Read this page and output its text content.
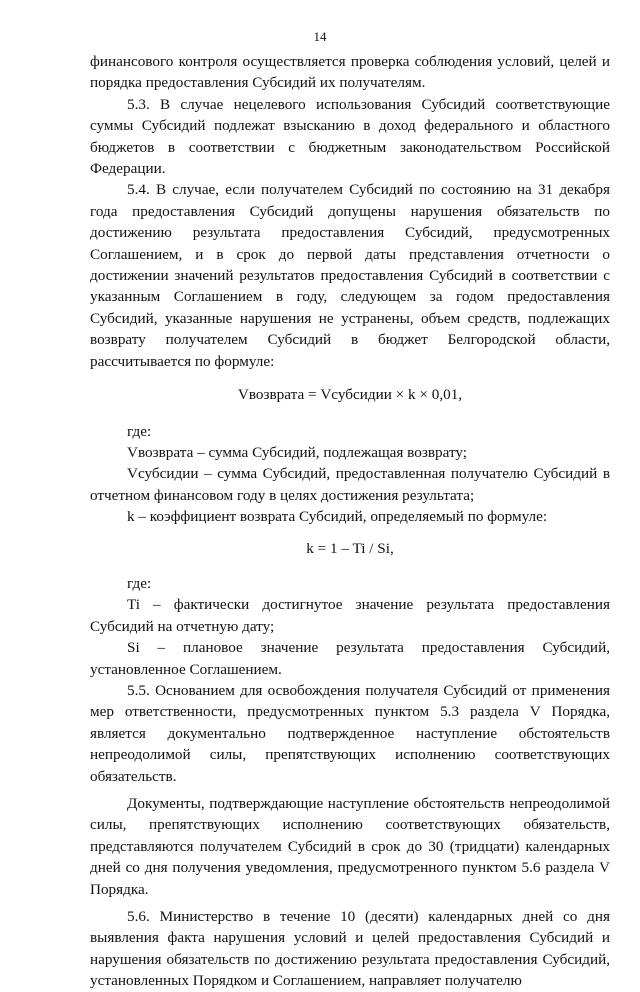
14

финансового контроля осуществляется проверка соблюдения условий, целей и порядка предоставления Субсидий их получателям.

5.3. В случае нецелевого использования Субсидий соответствующие суммы Субсидий подлежат взысканию в доход федерального и областного бюджетов в соответствии с бюджетным законодательством Российской Федерации.

5.4. В случае, если получателем Субсидий по состоянию на 31 декабря года предоставления Субсидий допущены нарушения обязательств по достижению результата предоставления Субсидий, предусмотренных Соглашением, и в срок до первой даты представления отчетности о достижении значений результатов предоставления Субсидий в соответствии с указанным Соглашением в году, следующем за годом предоставления Субсидий, указанные нарушения не устранены, объем средств, подлежащих возврату получателем Субсидий в бюджет Белгородской области, рассчитывается по формуле:

Vвозврата = Vсубсидии × k × 0,01,

где:

Vвозврата – сумма Субсидий, подлежащая возврату;

Vсубсидии – сумма Субсидий, предоставленная получателю Субсидий в отчетном финансовом году в целях достижения результата;

k – коэффициент возврата Субсидий, определяемый по формуле:

k = 1 – Ti / Si,

где:

Ti – фактически достигнутое значение результата предоставления Субсидий на отчетную дату;

Si – плановое значение результата предоставления Субсидий, установленное Соглашением.

5.5. Основанием для освобождения получателя Субсидий от применения мер ответственности, предусмотренных пунктом 5.3 раздела V Порядка, является документально подтвержденное наступление обстоятельств непреодолимой силы, препятствующих исполнению соответствующих обязательств.

Документы, подтверждающие наступление обстоятельств непреодолимой силы, препятствующих исполнению соответствующих обязательств, представляются получателем Субсидий в срок до 30 (тридцати) календарных дней со дня получения уведомления, предусмотренного пунктом 5.6 раздела V Порядка.

5.6. Министерство в течение 10 (десяти) календарных дней со дня выявления факта нарушения условий и целей предоставления Субсидий и нарушения обязательств по достижению результата предоставления Субсидий, установленных Порядком и Соглашением, направляет получателю
